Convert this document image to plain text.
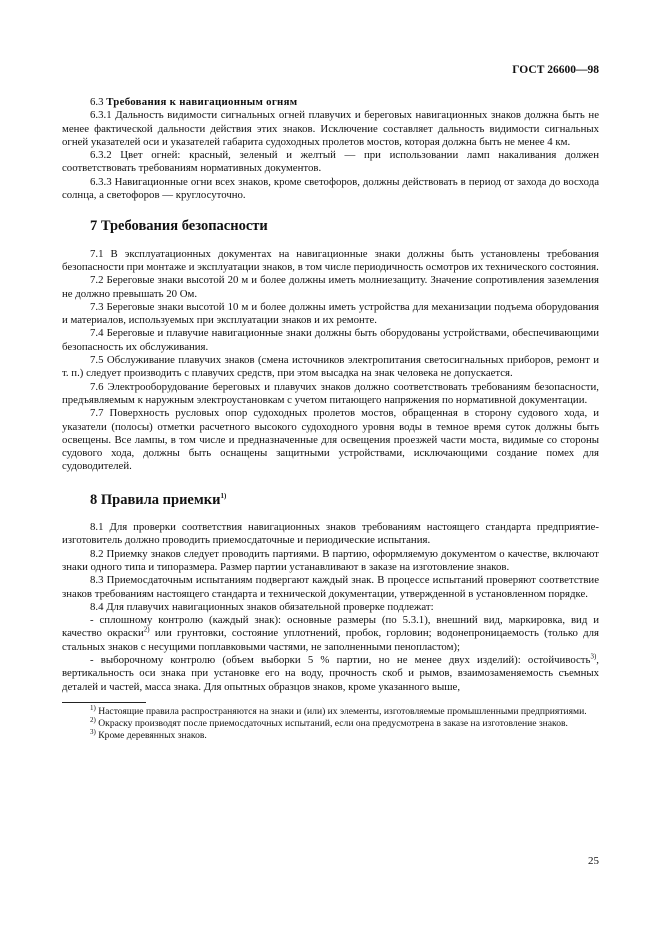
ГОСТ 26600—98
6.3 Требования к навигационным огням

6.3.1 Дальность видимости сигнальных огней плавучих и береговых навигационных знаков должна быть не менее фактической дальности действия этих знаков. Исключение составляет дальность видимости сигнальных огней указателей оси и указателей габарита судоходных пролетов мостов, которая должна быть не менее 4 км.

6.3.2 Цвет огней: красный, зеленый и желтый — при использовании ламп накаливания должен соответствовать требованиям нормативных документов.

6.3.3 Навигационные огни всех знаков, кроме светофоров, должны действовать в период от захода до восхода солнца, а светофоров — круглосуточно.

7 Требования безопасности

7.1 В эксплуатационных документах на навигационные знаки должны быть установлены требования безопасности при монтаже и эксплуатации знаков, в том числе периодичность осмотров их технического состояния.

7.2 Береговые знаки высотой 20 м и более должны иметь молниезащиту. Значение сопротивления заземления не должно превышать 20 Ом.

7.3 Береговые знаки высотой 10 м и более должны иметь устройства для механизации подъема оборудования и материалов, используемых при эксплуатации знаков и их ремонте.

7.4 Береговые и плавучие навигационные знаки должны быть оборудованы устройствами, обеспечивающими безопасность их обслуживания.

7.5 Обслуживание плавучих знаков (смена источников электропитания светосигнальных приборов, ремонт и т. п.) следует производить с плавучих средств, при этом высадка на знак человека не допускается.

7.6 Электрооборудование береговых и плавучих знаков должно соответствовать требованиям безопасности, предъявляемым к наружным электроустановкам с учетом питающего напряжения по нормативной документации.

7.7 Поверхность русловых опор судоходных пролетов мостов, обращенная в сторону судового хода, и указатели (полосы) отметки расчетного высокого судоходного уровня воды в темное время суток должны быть освещены. Все лампы, в том числе и предназначенные для освещения проезжей части моста, видимые со стороны судового хода, должны быть оснащены защитными устройствами, исключающими создание помех для судоводителей.

8 Правила приемки$^{1)}$

8.1 Для проверки соответствия навигационных знаков требованиям настоящего стандарта предприятие-изготовитель должно проводить приемосдаточные и периодические испытания.

8.2 Приемку знаков следует проводить партиями. В партию, оформляемую документом о качестве, включают знаки одного типа и типоразмера. Размер партии устанавливают в заказе на изготовление знаков.

8.3 Приемосдаточным испытаниям подвергают каждый знак. В процессе испытаний проверяют соответствие знаков требованиям настоящего стандарта и технической документации, утвержденной в установленном порядке.

8.4 Для плавучих навигационных знаков обязательной проверке подлежат:

- сплошному контролю (каждый знак): основные размеры (по 5.3.1), внешний вид, маркировка, вид и качество окраски$^{2)}$ или грунтовки, состояние уплотнений, пробок, горловин; водонепроницаемость (только для стальных знаков с несущими поплавковыми частями, не заполненными пенопластом);

- выборочному контролю (объем выборки 5 % партии, но не менее двух изделий): остойчивость$^{3)}$, вертикальность оси знака при установке его на воду, прочность скоб и рымов, взаимозаменяемость съемных деталей и частей, масса знака. Для опытных образцов знаков, кроме указанного выше,

$^{1)}$ Настоящие правила распространяются на знаки и (или) их элементы, изготовляемые промышленными предприятиями.

$^{2)}$ Окраску производят после приемосдаточных испытаний, если она предусмотрена в заказе на изготовление знаков.

$^{3)}$ Кроме деревянных знаков.

25
